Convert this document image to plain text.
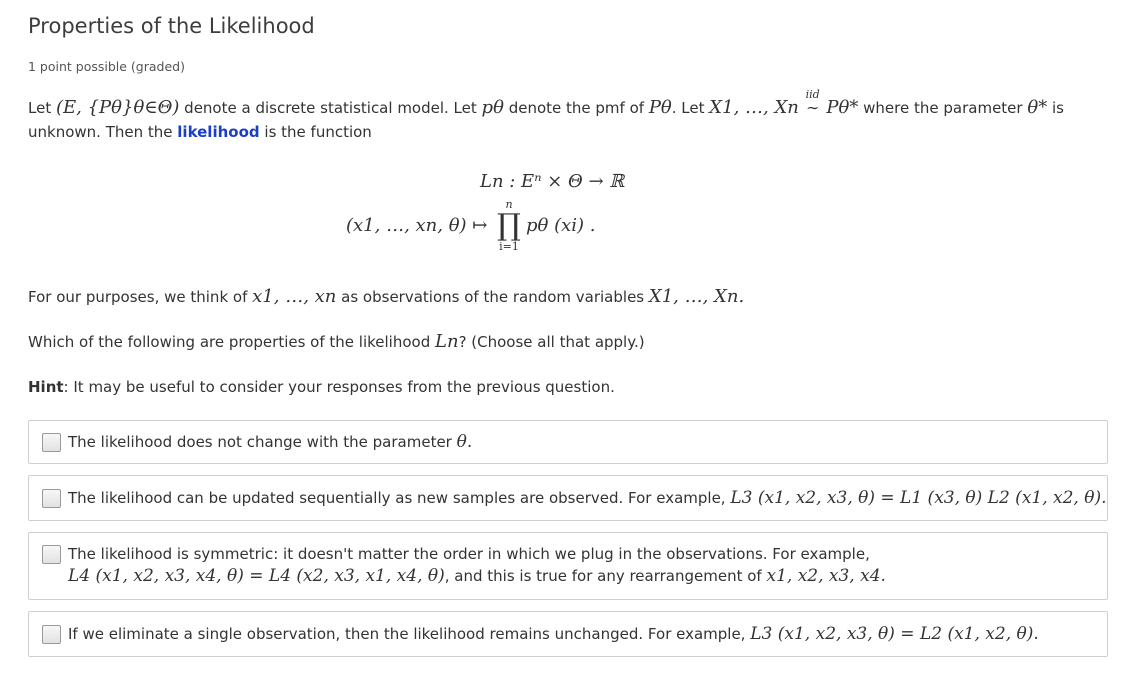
Properties of the Likelihood
1 point possible (graded)
Let (E, {Pθ}θ∈Θ) denote a discrete statistical model. Let pθ denote the pmf of Pθ. Let X1, …, Xn
iid
∼ Pθ* where the parameter θ* is unknown. Then the likelihood is the function
Ln : Eⁿ × Θ → ℝ
(x1, …, xn, θ) ↦
n
∏
i=1
pθ (xi) .
For our purposes, we think of x1, …, xn as observations of the random variables X1, …, Xn.
Which of the following are properties of the likelihood Ln? (Choose all that apply.)
Hint: It may be useful to consider your responses from the previous question.
The likelihood does not change with the parameter θ.
The likelihood can be updated sequentially as new samples are observed. For example, L3 (x1, x2, x3, θ) = L1 (x3, θ) L2 (x1, x2, θ).
The likelihood is symmetric: it doesn't matter the order in which we plug in the observations. For example,
L4 (x1, x2, x3, x4, θ) = L4 (x2, x3, x1, x4, θ), and this is true for any rearrangement of x1, x2, x3, x4.
If we eliminate a single observation, then the likelihood remains unchanged. For example, L3 (x1, x2, x3, θ) = L2 (x1, x2, θ).
